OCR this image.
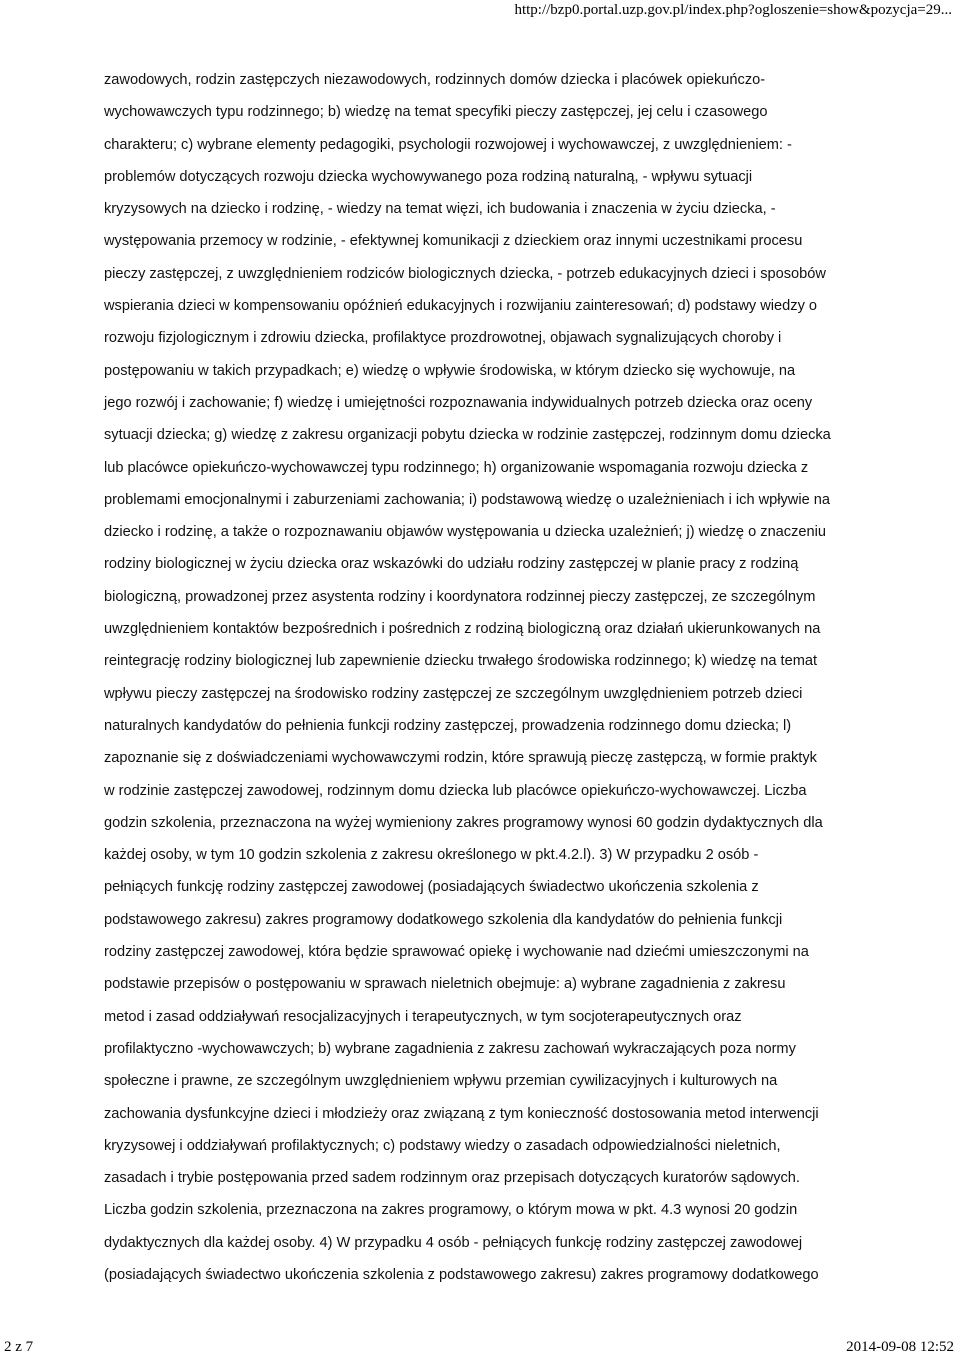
http://bzp0.portal.uzp.gov.pl/index.php?ogloszenie=show&pozycja=29...
zawodowych, rodzin zastępczych niezawodowych, rodzinnych domów dziecka i placówek opiekuńczo-
wychowawczych typu rodzinnego; b) wiedzę na temat specyfiki pieczy zastępczej, jej celu i czasowego
charakteru; c) wybrane elementy pedagogiki, psychologii rozwojowej i wychowawczej, z uwzględnieniem: -
problemów dotyczących rozwoju dziecka wychowywanego poza rodziną naturalną, - wpływu sytuacji
kryzysowych na dziecko i rodzinę, - wiedzy na temat więzi, ich budowania i znaczenia w życiu dziecka, -
występowania przemocy w rodzinie, - efektywnej komunikacji z dzieckiem oraz innymi uczestnikami procesu
pieczy zastępczej, z uwzględnieniem rodziców biologicznych dziecka, - potrzeb edukacyjnych dzieci i sposobów
wspierania dzieci w kompensowaniu opóźnień edukacyjnych i rozwijaniu zainteresowań; d) podstawy wiedzy o
rozwoju fizjologicznym i zdrowiu dziecka, profilaktyce prozdrowotnej, objawach sygnalizujących choroby i
postępowaniu w takich przypadkach; e) wiedzę o wpływie środowiska, w którym dziecko się wychowuje, na
jego rozwój i zachowanie; f) wiedzę i umiejętności rozpoznawania indywidualnych potrzeb dziecka oraz oceny
sytuacji dziecka; g) wiedzę z zakresu organizacji pobytu dziecka w rodzinie zastępczej, rodzinnym domu dziecka
lub placówce opiekuńczo-wychowawczej typu rodzinnego; h) organizowanie wspomagania rozwoju dziecka z
problemami emocjonalnymi i zaburzeniami zachowania; i) podstawową wiedzę o uzależnieniach i ich wpływie na
dziecko i rodzinę, a także o rozpoznawaniu objawów występowania u dziecka uzależnień; j) wiedzę o znaczeniu
rodziny biologicznej w życiu dziecka oraz wskazówki do udziału rodziny zastępczej w planie pracy z rodziną
biologiczną, prowadzonej przez asystenta rodziny i koordynatora rodzinnej pieczy zastępczej, ze szczególnym
uwzględnieniem kontaktów bezpośrednich i pośrednich z rodziną biologiczną oraz działań ukierunkowanych na
reintegrację rodziny biologicznej lub zapewnienie dziecku trwałego środowiska rodzinnego; k) wiedzę na temat
wpływu pieczy zastępczej na środowisko rodziny zastępczej ze szczególnym uwzględnieniem potrzeb dzieci
naturalnych kandydatów do pełnienia funkcji rodziny zastępczej, prowadzenia rodzinnego domu dziecka; l)
zapoznanie się z doświadczeniami wychowawczymi rodzin, które sprawują pieczę zastępczą, w formie praktyk
w rodzinie zastępczej zawodowej, rodzinnym domu dziecka lub placówce opiekuńczo-wychowawczej. Liczba
godzin szkolenia, przeznaczona na wyżej wymieniony zakres programowy wynosi 60 godzin dydaktycznych dla
każdej osoby, w tym 10 godzin szkolenia z zakresu określonego w pkt.4.2.l). 3) W przypadku 2 osób -
pełniących funkcję rodziny zastępczej zawodowej (posiadających świadectwo ukończenia szkolenia z
podstawowego zakresu) zakres programowy dodatkowego szkolenia dla kandydatów do pełnienia funkcji
rodziny zastępczej zawodowej, która będzie sprawować opiekę i wychowanie nad dziećmi umieszczonymi na
podstawie przepisów o postępowaniu w sprawach nieletnich obejmuje: a) wybrane zagadnienia z zakresu
metod i zasad oddziaływań resocjalizacyjnych i terapeutycznych, w tym socjoterapeutycznych oraz
profilaktyczno -wychowawczych; b) wybrane zagadnienia z zakresu zachowań wykraczających poza normy
społeczne i prawne, ze szczególnym uwzględnieniem wpływu przemian cywilizacyjnych i kulturowych na
zachowania dysfunkcyjne dzieci i młodzieży oraz związaną z tym konieczność dostosowania metod interwencji
kryzysowej i oddziaływań profilaktycznych; c) podstawy wiedzy o zasadach odpowiedzialności nieletnich,
zasadach i trybie postępowania przed sadem rodzinnym oraz przepisach dotyczących kuratorów sądowych.
Liczba godzin szkolenia, przeznaczona na zakres programowy, o którym mowa w pkt. 4.3 wynosi 20 godzin
dydaktycznych dla każdej osoby. 4) W przypadku 4 osób - pełniących funkcję rodziny zastępczej zawodowej
(posiadających świadectwo ukończenia szkolenia z podstawowego zakresu) zakres programowy dodatkowego
2 z 7	2014-09-08 12:52
